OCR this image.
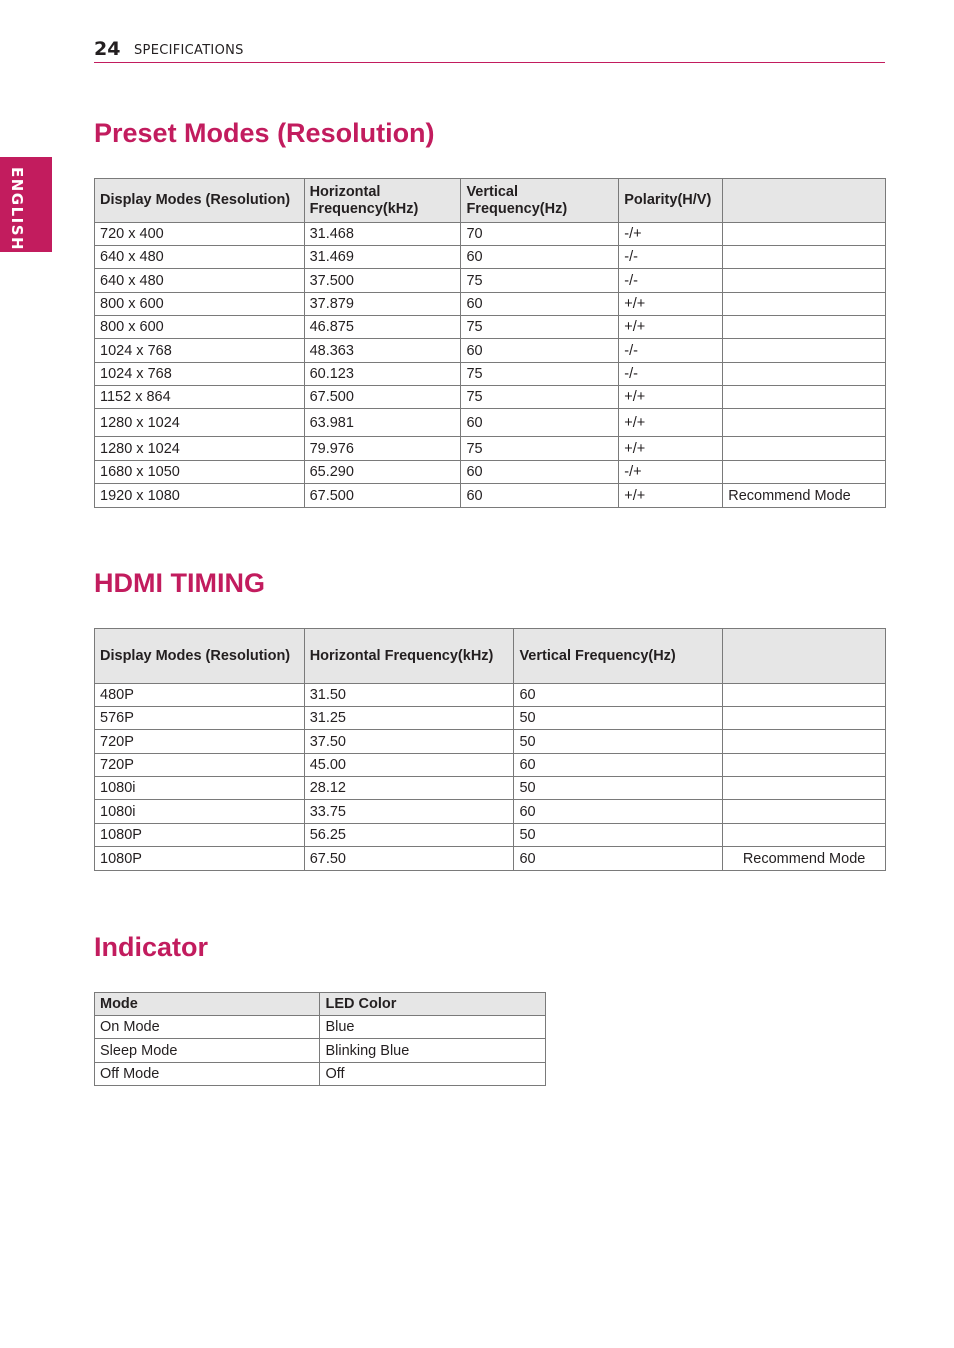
24 SPECIFICATIONS
ENGLISH
Preset Modes (Resolution)
Display Modes (Resolution)	Horizontal Frequency(kHz)	Vertical Frequency(Hz)	Polarity(H/V)	
720 x 400	31.468	70	-/+	
640 x 480	31.469	60	-/-	
640 x 480	37.500	75	-/-	
800 x 600	37.879	60	+/+	
800 x 600	46.875	75	+/+	
1024 x 768	48.363	60	-/-	
1024 x 768	60.123	75	-/-	
1152 x 864	67.500	75	+/+	
1280 x 1024	63.981	60	+/+	
1280 x 1024	79.976	75	+/+	
1680 x 1050	65.290	60	-/+	
1920 x 1080	67.500	60	+/+	Recommend Mode
HDMI TIMING
Display Modes (Resolution)	Horizontal Frequency(kHz)	Vertical Frequency(Hz)	
480P	31.50	60	
576P	31.25	50	
720P	37.50	50	
720P	45.00	60	
1080i	28.12	50	
1080i	33.75	60	
1080P	56.25	50	
1080P	67.50	60	Recommend Mode
Indicator
Mode	LED Color
On Mode	Blue
Sleep Mode	Blinking Blue
Off Mode	Off
